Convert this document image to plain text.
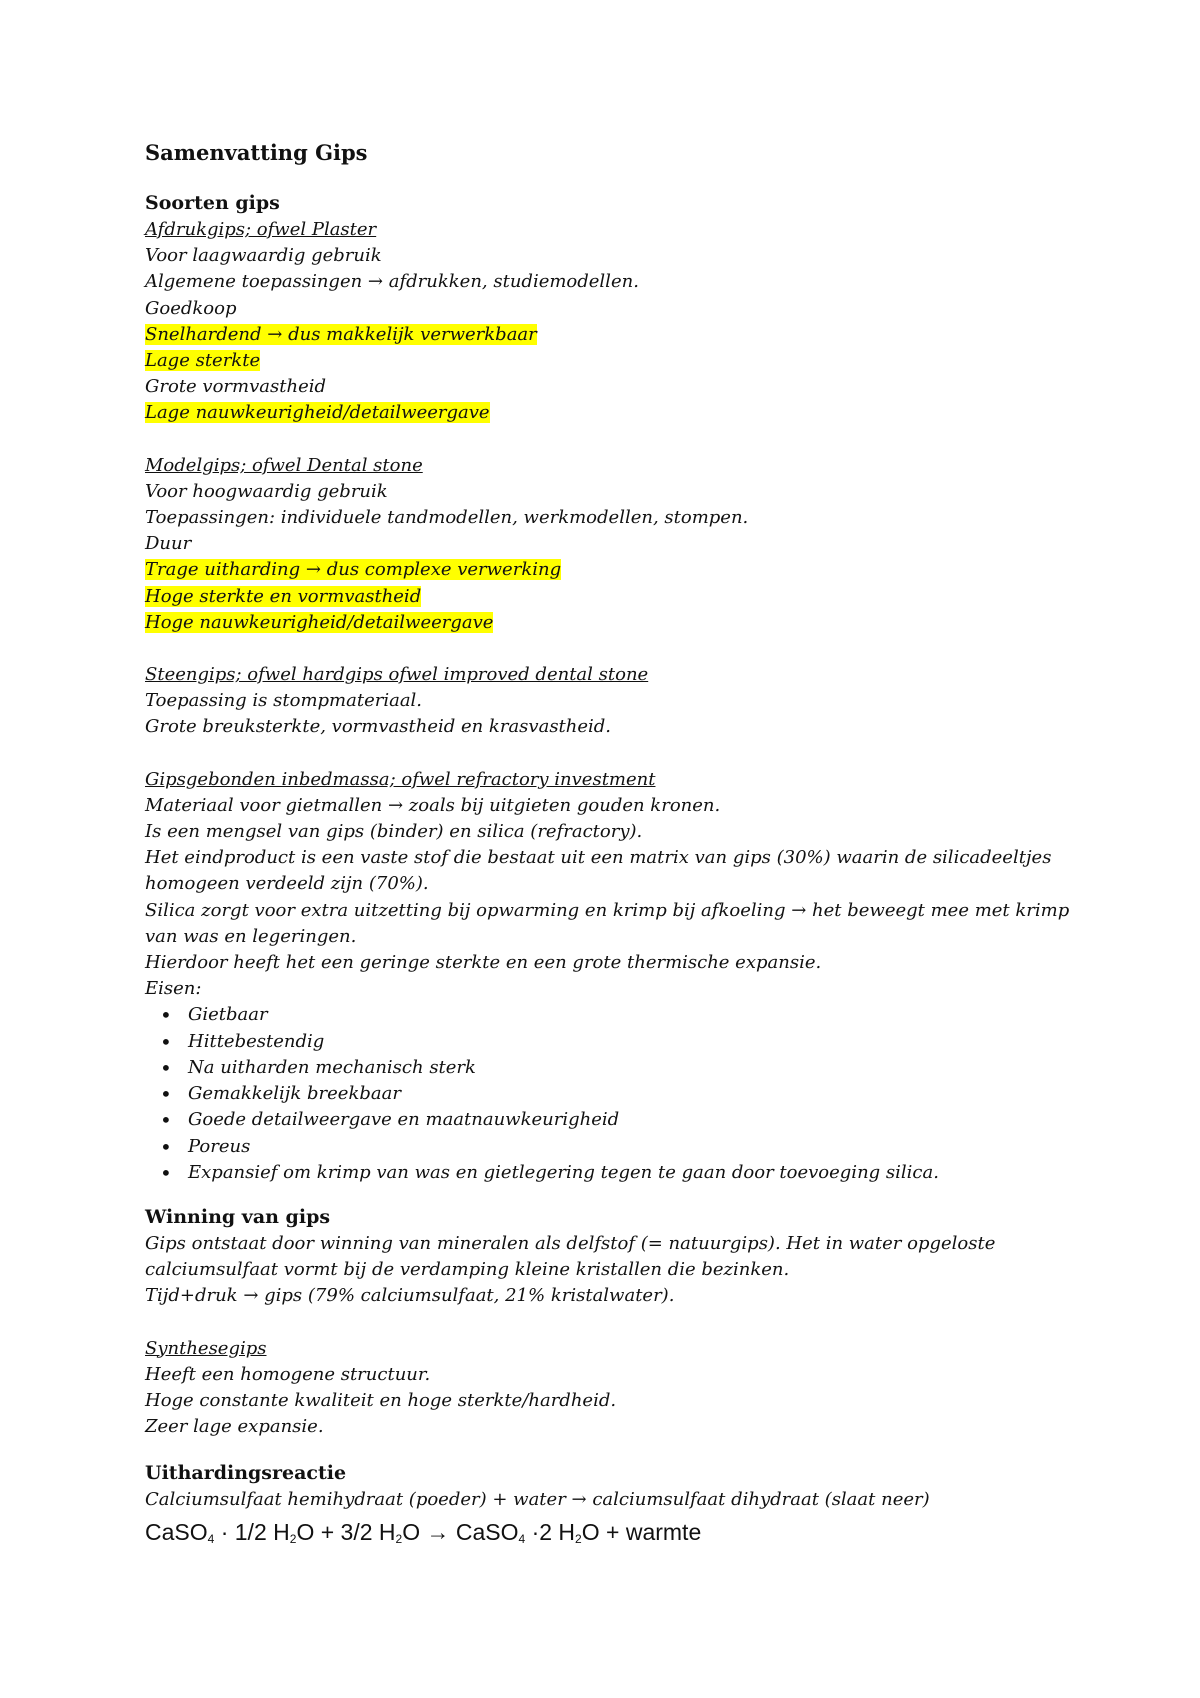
Samenvatting Gips
Soorten gips

Afdrukgips; ofwel Plaster

Voor laagwaardig gebruik

Algemene toepassingen → afdrukken, studiemodellen.

Goedkoop

Snelhardend → dus makkelijk verwerkbaar

Lage sterkte

Grote vormvastheid

Lage nauwkeurigheid/detailweergave

Modelgips; ofwel Dental stone

Voor hoogwaardig gebruik

Toepassingen: individuele tandmodellen, werkmodellen, stompen.

Duur

Trage uitharding → dus complexe verwerking

Hoge sterkte en vormvastheid

Hoge nauwkeurigheid/detailweergave

Steengips; ofwel hardgips ofwel improved dental stone

Toepassing is stompmateriaal.

Grote breuksterkte, vormvastheid en krasvastheid.

Gipsgebonden inbedmassa; ofwel refractory investment

Materiaal voor gietmallen → zoals bij uitgieten gouden kronen.

Is een mengsel van gips (binder) en silica (refractory).

Het eindproduct is een vaste stof die bestaat uit een matrix van gips (30%) waarin de silicadeeltjes homogeen verdeeld zijn (70%).

Silica zorgt voor extra uitzetting bij opwarming en krimp bij afkoeling → het beweegt mee met krimp van was en legeringen.

Hierdoor heeft het een geringe sterkte en een grote thermische expansie.

Eisen:

• Gietbaar
• Hittebestendig
• Na uitharden mechanisch sterk
• Gemakkelijk breekbaar
• Goede detailweergave en maatnauwkeurigheid
• Poreus
• Expansief om krimp van was en gietlegering tegen te gaan door toevoeging silica.
Winning van gips

Gips ontstaat door winning van mineralen als delfstof (= natuurgips). Het in water opgeloste calciumsulfaat vormt bij de verdamping kleine kristallen die bezinken.

Tijd+druk → gips (79% calciumsulfaat, 21% kristalwater).

Synthesegips

Heeft een homogene structuur.

Hoge constante kwaliteit en hoge sterkte/hardheid.

Zeer lage expansie.

Uithardingsreactie

Calciumsulfaat hemihydraat (poeder) + water → calciumsulfaat dihydraat (slaat neer)

CaSO$_4$ · 1/2 $H_2O + 3/2$ $H_2O$ → CaSO$_4$ ·2 $H_2O$ + warmte
